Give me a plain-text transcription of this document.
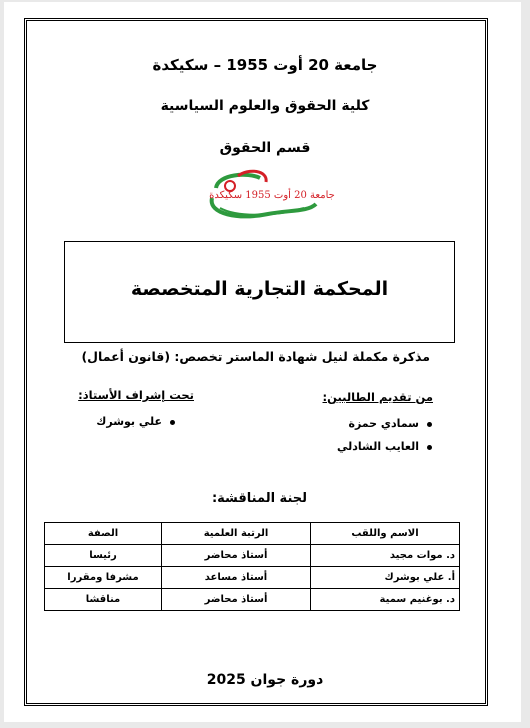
جامعة 20 أوت 1955 – سكيكدة
كلية الحقوق والعلوم السياسية
قسم الحقوق
جامعة 20 أوت 1955 سكيكدة
المحكمة التجارية المتخصصة
مذكرة مكملة لنيل شهادة الماستر تخصص: (قانون أعمال)
من تقديم الطالبين:
تحت إشراف الأستاذ:
سمادي حمزة
العايب الشادلي
علي بوشرك
لجنة المناقشة:
الاسم واللقب	الرتبة العلمية	الصفة
د. موات مجيد	أستاذ محاضر	رئيسا
أ. علي بوشرك	أستاذ مساعد	مشرفا ومقررا
د. بوغنيم سمية	أستاذ محاضر	مناقشا
دورة جوان 2025
